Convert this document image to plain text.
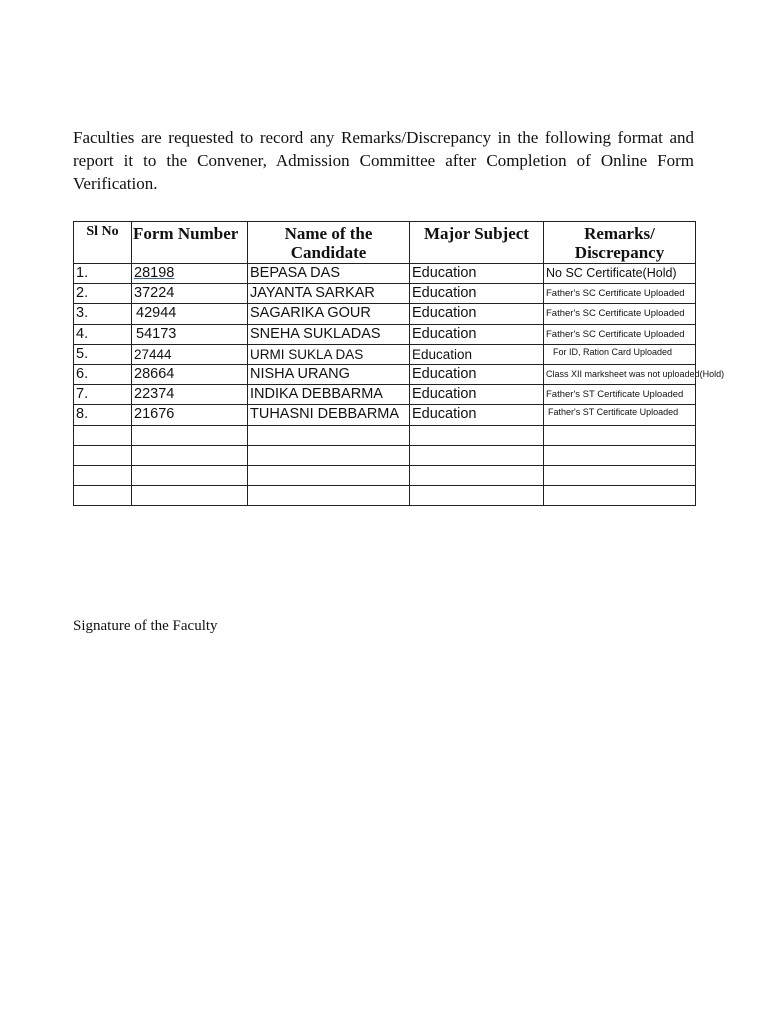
Faculties are requested to record any Remarks/Discrepancy in the following format and report it to the Convener, Admission Committee after Completion of Online Form Verification.

Sl No	Form Number	Name of the Candidate	Major Subject	Remarks/ Discrepancy
1.	28198	BEPASA DAS	Education	No SC Certificate(Hold)
2.	37224	JAYANTA SARKAR	Education	Father's SC Certificate Uploaded
3.	42944	SAGARIKA GOUR	Education	Father's SC Certificate Uploaded
4.	54173	SNEHA SUKLADAS	Education	Father's SC Certificate Uploaded
5.	27444	URMI SUKLA DAS	Education	For ID, Ration Card Uploaded
6.	28664	NISHA URANG	Education	Class XII marksheet was not uploaded(Hold)
7.	22374	INDIKA DEBBARMA	Education	Father's ST Certificate Uploaded
8.	21676	TUHASNI DEBBARMA	Education	Father's ST Certificate Uploaded

Signature of the Faculty
